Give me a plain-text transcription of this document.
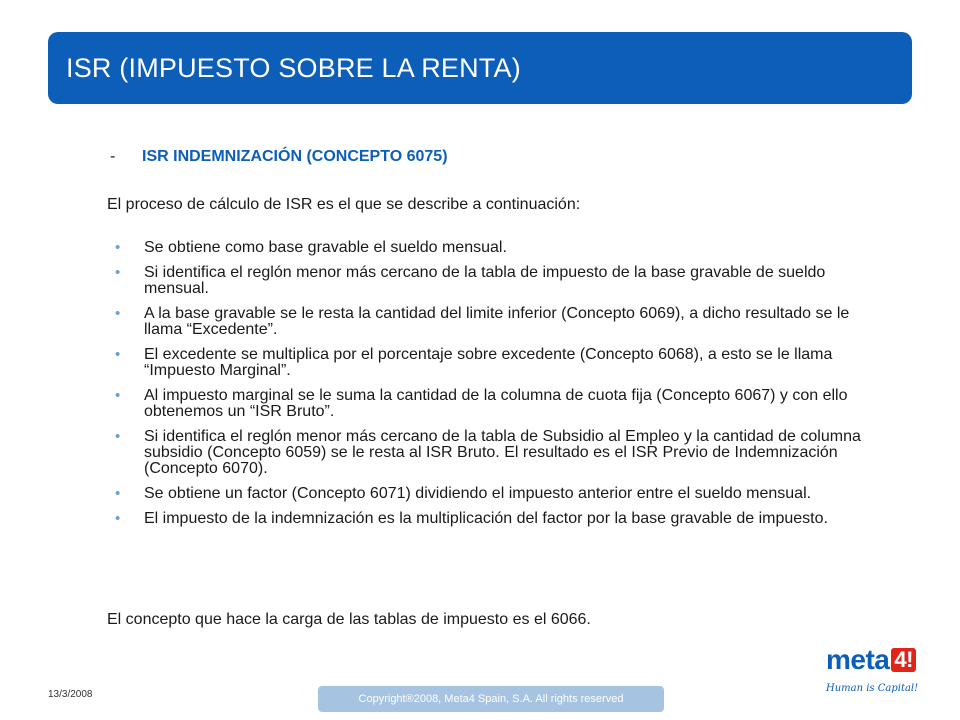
ISR (IMPUESTO SOBRE LA RENTA)
- ISR INDEMNIZACIÓN (CONCEPTO 6075)

El proceso de cálculo de ISR es el que se describe a continuación:

• Se obtiene como base gravable el sueldo mensual.
• Si identifica el reglón menor más cercano de la tabla de impuesto de la base gravable de sueldo mensual.
• A la base gravable se le resta la cantidad del limite inferior (Concepto 6069), a dicho resultado se le llama “Excedente”.
• El excedente se multiplica por el porcentaje sobre excedente (Concepto 6068), a esto se le llama “Impuesto Marginal”.
• Al impuesto marginal se le suma la cantidad de la columna de cuota fija (Concepto 6067) y con ello obtenemos un “ISR Bruto”.
• Si identifica el reglón menor más cercano de la tabla de Subsidio al Empleo y la cantidad de columna subsidio (Concepto 6059) se le resta al ISR Bruto. El resultado es el ISR Previo de Indemnización (Concepto 6070).
• Se obtiene un factor (Concepto 6071) dividiendo el impuesto anterior entre el sueldo mensual.
• El impuesto de la indemnización es la multiplicación del factor por la base gravable de impuesto.

El concepto que hace la carga de las tablas de impuesto es el 6066.

13/3/2008	Copyright®2008, Meta4 Spain, S.A. All rights reserved
meta 4!
Human is Capital!
